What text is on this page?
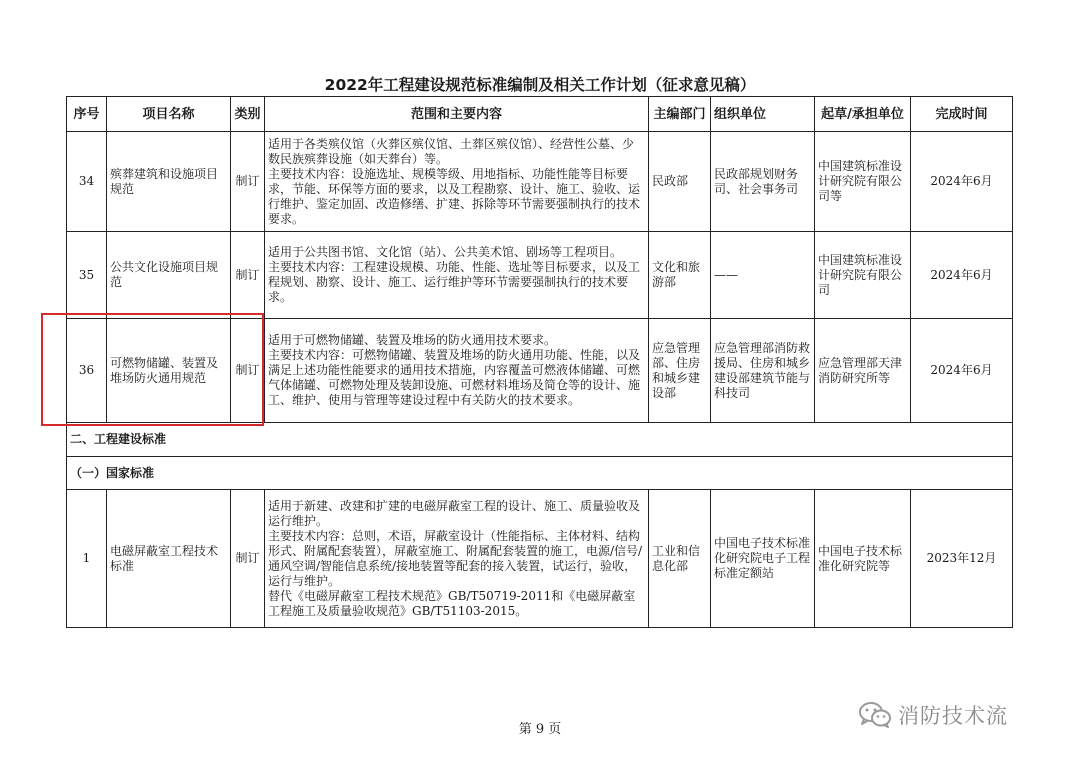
2022年工程建设规范标准编制及相关工作计划（征求意见稿）
序号	项目名称	类别	范围和主要内容	主编部门	组织单位	起草/承担单位	完成时间
34	殡葬建筑和设施项目规范	制订	适用于各类殡仪馆（火葬区殡仪馆、土葬区殡仪馆）、经营性公墓、少数民族殡葬设施（如天葬台）等。
主要技术内容：设施选址、规模等级、用地指标、功能性能等目标要求，节能、环保等方面的要求，以及工程勘察、设计、施工、验收、运行维护、鉴定加固、改造修缮、扩建、拆除等环节需要强制执行的技术要求。	民政部	民政部规划财务司、社会事务司	中国建筑标准设计研究院有限公司等	2024年6月
35	公共文化设施项目规范	制订	适用于公共图书馆、文化馆（站）、公共美术馆、剧场等工程项目。
主要技术内容：工程建设规模、功能、性能、选址等目标要求，以及工程规划、勘察、设计、施工、运行维护等环节需要强制执行的技术要求。	文化和旅游部	——	中国建筑标准设计研究院有限公司	2024年6月
36	可燃物储罐、装置及堆场防火通用规范	制订	适用于可燃物储罐、装置及堆场的防火通用技术要求。
主要技术内容：可燃物储罐、装置及堆场的防火通用功能、性能，以及满足上述功能性能要求的通用技术措施，内容覆盖可燃液体储罐、可燃气体储罐、可燃物处理及装卸设施、可燃材料堆场及简仓等的设计、施工、维护、使用与管理等建设过程中有关防火的技术要求。	应急管理部、住房和城乡建设部	应急管理部消防救援局、住房和城乡建设部建筑节能与科技司	应急管理部天津消防研究所等	2024年6月
二、工程建设标准							
（一）国家标准							
1	电磁屏蔽室工程技术标准	制订	适用于新建、改建和扩建的电磁屏蔽室工程的设计、施工、质量验收及运行维护。
主要技术内容：总则，术语，屏蔽室设计（性能指标、主体材料、结构形式、附属配套装置），屏蔽室施工、附属配套装置的施工，电源/信号/通风空调/智能信息系统/接地装置等配套的接入装置，试运行，验收，运行与维护。
替代《电磁屏蔽室工程技术规范》GB/T50719-2011和《电磁屏蔽室工程施工及质量验收规范》GB/T51103-2015。	工业和信息化部	中国电子技术标准化研究院电子工程标准定额站	中国电子技术标准化研究院等	2023年12月
第 9 页
消防技术流
